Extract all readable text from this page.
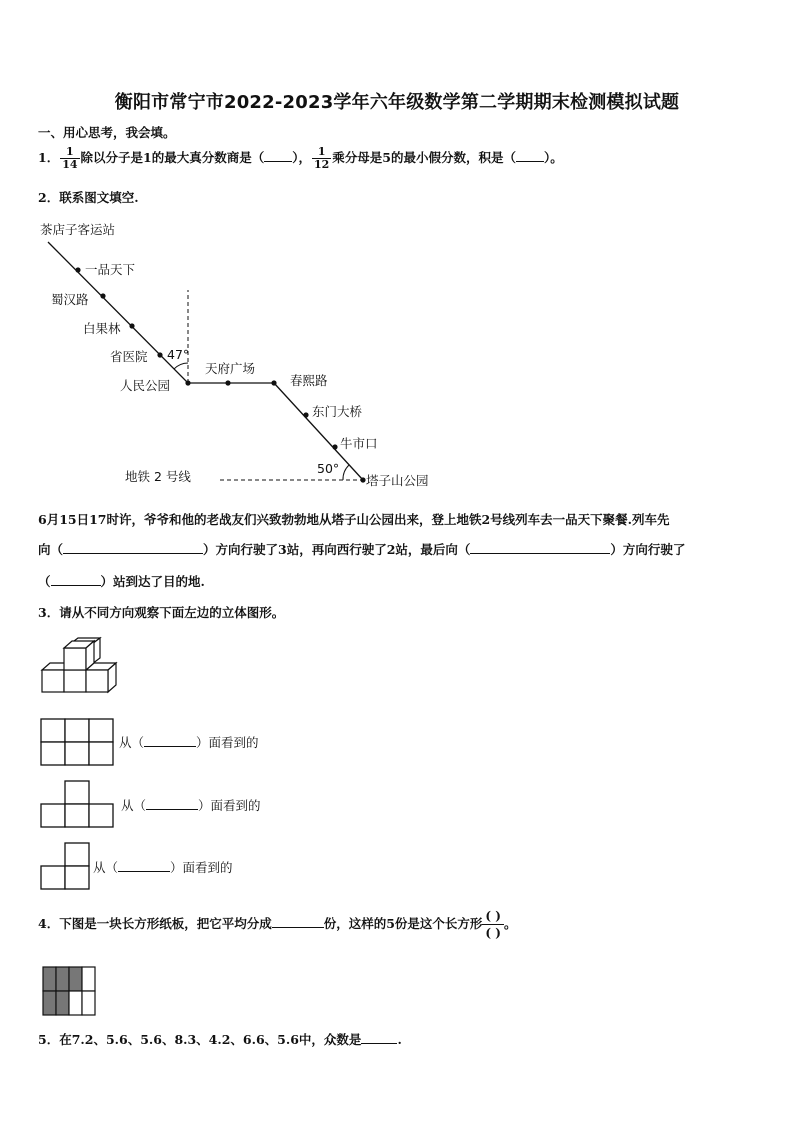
衡阳市常宁市2022-2023学年六年级数学第二学期期末检测模拟试题
一、用心思考，我会填。
1． $\frac{1}{14}$ 除以分子是1的最大真分数商是（ ）， $\frac{1}{12}$ 乘分母是5的最小假分数，积是（ ）。
2．联系图文填空.
茶店子客运站
一品天下
蜀汉路
白果林
省医院
人民公园
天府广场
春熙路
东门大桥
牛市口
塔子山公园
47°
50°
地铁 2 号线
6月15日17时许，爷爷和他的老战友们兴致勃勃地从塔子山公园出来，登上地铁2号线列车去一品天下聚餐.列车先
向（	）方向行驶了3站，再向西行驶了2站，最后向（	）方向行驶了
（	）站到达了目的地.
3．请从不同方向观察下面左边的立体图形。
从（	）面看到的
从（	）面看到的
从（	）面看到的
4．下图是一块长方形纸板，把它平均分成	份，这样的5份是这个长方形 $\frac{( )}{( )}$。
5．在7.2、5.6、5.6、8.3、4.2、6.6、5.6中，众数是	.
